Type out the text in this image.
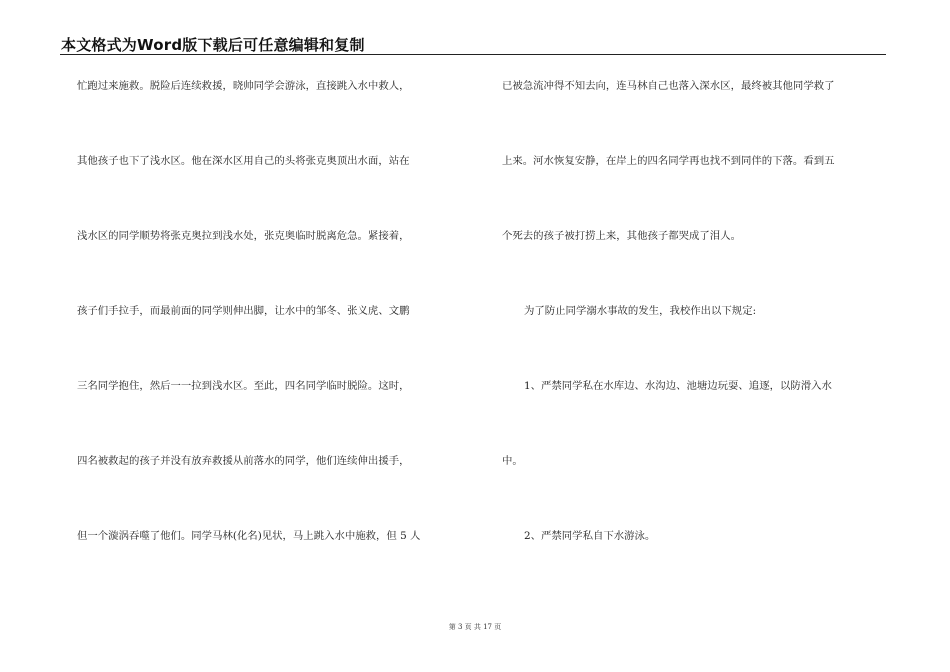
本文格式为Word版下载后可任意编辑和复制
忙跑过来施救。脱险后连续救援，晓帅同学会游泳，直接跳入水中救人，
其他孩子也下了浅水区。他在深水区用自己的头将张克奥顶出水面，站在
浅水区的同学顺势将张克奥拉到浅水处，张克奥临时脱离危急。紧接着，
孩子们手拉手，而最前面的同学则伸出脚，让水中的邹冬、张义虎、文鹏
三名同学抱住，然后一一拉到浅水区。至此，四名同学临时脱险。这时，
四名被救起的孩子并没有放弃救援从前落水的同学，他们连续伸出援手，
但一个漩涡吞噬了他们。同学马林(化名)见状，马上跳入水中施救，但 5 人
已被急流冲得不知去向，连马林自己也落入深水区，最终被其他同学救了
上来。河水恢复安静，在岸上的四名同学再也找不到同伴的下落。看到五
个死去的孩子被打捞上来，其他孩子都哭成了泪人。
为了防止同学溺水事故的发生，我校作出以下规定:
1、严禁同学私在水库边、水沟边、池塘边玩耍、追逐，以防滑入水
中。
2、严禁同学私自下水游泳。
第 3 页 共 17 页
